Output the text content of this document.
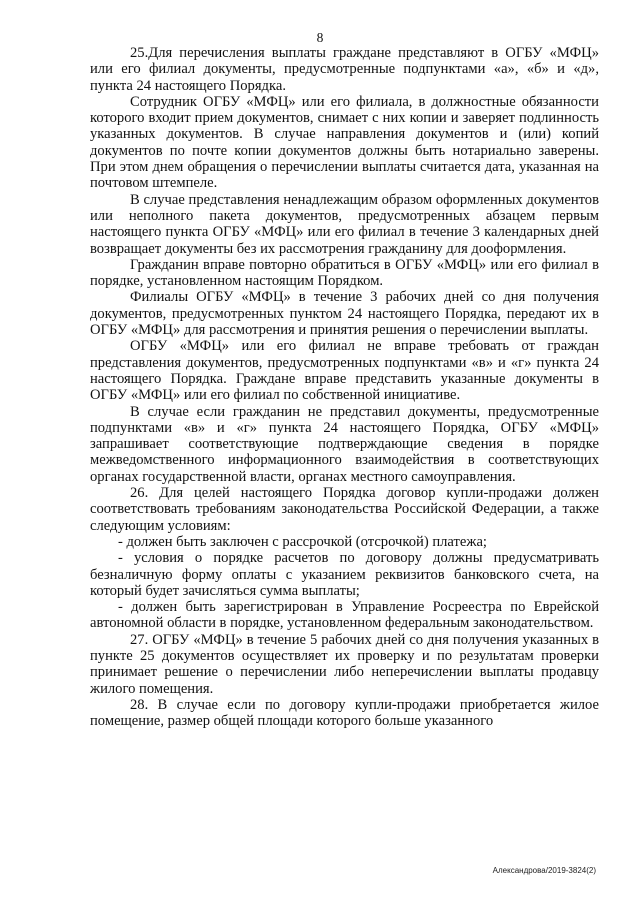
8

25.Для перечисления выплаты граждане представляют в ОГБУ «МФЦ» или его филиал документы, предусмотренные подпунктами «а», «б» и «д», пункта 24 настоящего Порядка.

Сотрудник ОГБУ «МФЦ» или его филиала, в должностные обязанности которого входит прием документов, снимает с них копии и заверяет подлинность указанных документов. В случае направления документов и (или) копий документов по почте копии документов должны быть нотариально заверены. При этом днем обращения о перечислении выплаты считается дата, указанная на почтовом штемпеле.

В случае представления ненадлежащим образом оформленных документов или неполного пакета документов, предусмотренных абзацем первым настоящего пункта ОГБУ «МФЦ» или его филиал в течение 3 календарных дней возвращает документы без их рассмотрения гражданину для дооформления.

Гражданин вправе повторно обратиться в ОГБУ «МФЦ» или его филиал в порядке, установленном настоящим Порядком.

Филиалы ОГБУ «МФЦ» в течение 3 рабочих дней со дня получения документов, предусмотренных пунктом 24 настоящего Порядка, передают их в ОГБУ «МФЦ» для рассмотрения и принятия решения о перечислении выплаты.

ОГБУ «МФЦ» или его филиал не вправе требовать от граждан представления документов, предусмотренных подпунктами «в» и «г» пункта 24 настоящего Порядка. Граждане вправе представить указанные документы в ОГБУ «МФЦ» или его филиал по собственной инициативе.

В случае если гражданин не представил документы, предусмотренные подпунктами «в» и «г» пункта 24 настоящего Порядка, ОГБУ «МФЦ» запрашивает соответствующие подтверждающие сведения в порядке межведомственного информационного взаимодействия в соответствующих органах государственной власти, органах местного самоуправления.

26. Для целей настоящего Порядка договор купли-продажи должен соответствовать требованиям законодательства Российской Федерации, а также следующим условиям:

- должен быть заключен с рассрочкой (отсрочкой) платежа;

- условия о порядке расчетов по договору должны предусматривать безналичную форму оплаты с указанием реквизитов банковского счета, на который будет зачисляться сумма выплаты;

- должен быть зарегистрирован в Управление Росреестра по Еврейской автономной области в порядке, установленном федеральным законодательством.

27. ОГБУ «МФЦ» в течение 5 рабочих дней со дня получения указанных в пункте 25 документов осуществляет их проверку и по результатам проверки принимает решение о перечислении либо неперечислении выплаты продавцу жилого помещения.

28. В случае если по договору купли-продажи приобретается жилое помещение, размер общей площади которого больше указанного

Александрова/2019-3824(2)
